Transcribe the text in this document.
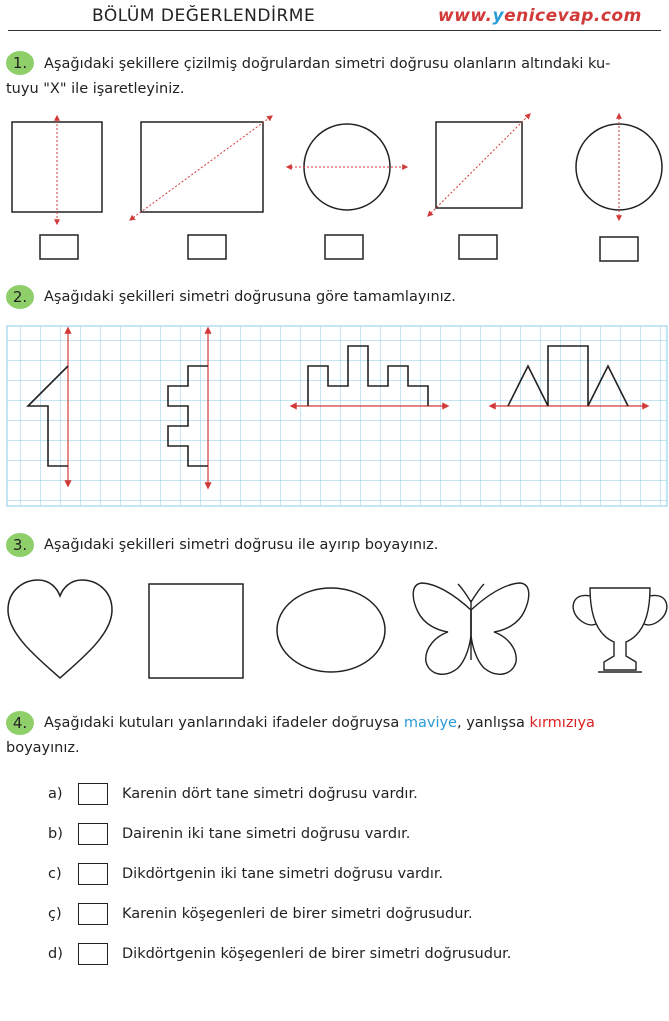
BÖLÜM DEĞERLENDİRME	www.yenicevap.com
1.	Aşağıdaki şekillere çizilmiş doğrulardan simetri doğrusu olanların altındaki ku-
tuyu "X" ile işaretleyiniz.
2.	Aşağıdaki şekilleri simetri doğrusuna göre tamamlayınız.
3.	Aşağıdaki şekilleri simetri doğrusu ile ayırıp boyayınız.
4.	Aşağıdaki kutuları yanlarındaki ifadeler doğruysa maviye, yanlışsa kırmızıya
boyayınız.
a)	Karenin dört tane simetri doğrusu vardır.
b)	Dairenin iki tane simetri doğrusu vardır.
c)	Dikdörtgenin iki tane simetri doğrusu vardır.
ç)	Karenin köşegenleri de birer simetri doğrusudur.
d)	Dikdörtgenin köşegenleri de birer simetri doğrusudur.
